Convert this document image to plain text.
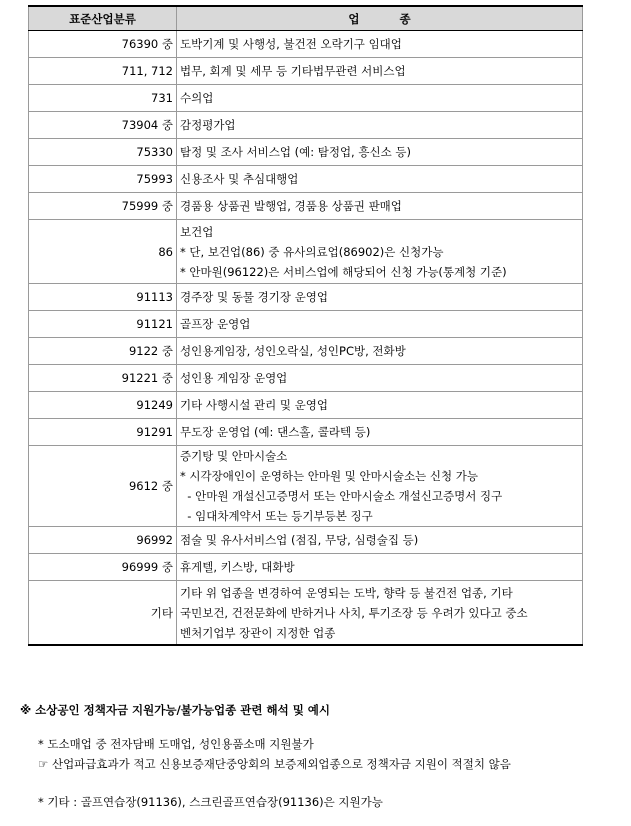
표준산업분류	업          종
76390 중	도박기계 및 사행성, 불건전 오락기구 임대업

711, 712	법무, 회계 및 세무 등 기타법무관련 서비스업

731	수의업

73904 중	감정평가업

75330	탐정 및 조사 서비스업 (예: 탐정업, 흥신소 등)

75993	신용조사 및 추심대행업

75999 중	경품용 상품권 발행업, 경품용 상품권 판매업

86	보건업
* 단, 보건업(86) 중 유사의료업(86902)은 신청가능
* 안마원(96122)은 서비스업에 해당되어 신청 가능(통계청 기준)

91113	경주장 및 동물 경기장 운영업

91121	골프장 운영업

9122 중	성인용게임장, 성인오락실, 성인PC방, 전화방

91221 중	성인용 게임장 운영업

91249	기타 사행시설 관리 및 운영업

91291	무도장 운영업 (예: 댄스홀, 콜라텍 등)

9612 중	증기탕 및 안마시술소
* 시각장애인이 운영하는 안마원 및 안마시술소는 신청 가능
- 안마원 개설신고증명서 또는 안마시술소 개설신고증명서 징구
- 임대차계약서 또는 등기부등본 징구

96992	점술 및 유사서비스업 (점집, 무당, 심령술집 등)

96999 중	휴게텔, 키스방, 대화방

기타	기타 위 업종을 변경하여 운영되는 도박, 향락 등 불건전 업종, 기타
국민보건, 건전문화에 반하거나 사치, 투기조장 등 우려가 있다고 중소
벤처기업부 장관이 지정한 업종
※ 소상공인 정책자금 지원가능/불가능업종 관련 해석 및 예시
* 도소매업 중 전자담배 도매업, 성인용품소매 지원불가
☞ 산업파급효과가 적고 신용보증재단중앙회의 보증제외업종으로 정책자금 지원이 적절치 않음
* 기타 : 골프연습장(91136), 스크린골프연습장(91136)은 지원가능
